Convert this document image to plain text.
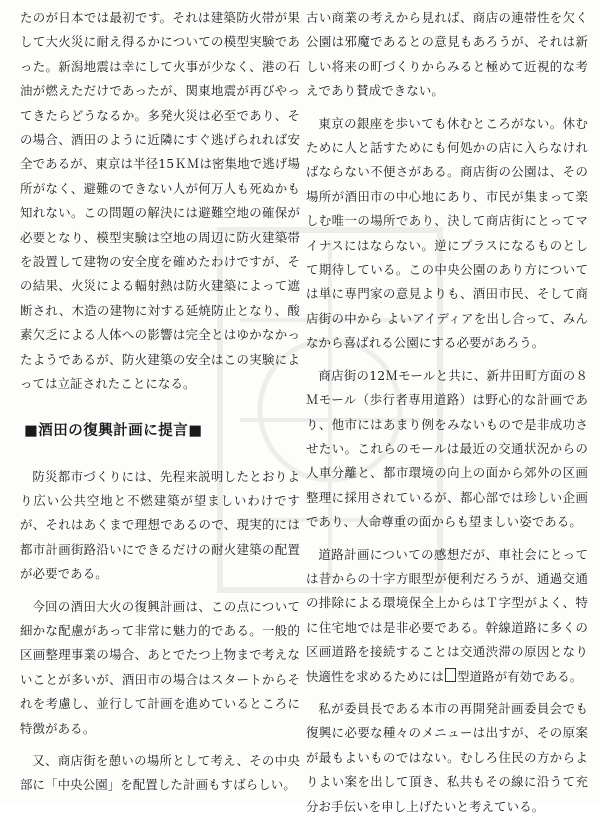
たのが日本では最初です。それは建築防火帯が果して大火災に耐え得るかについての模型実験であった。新潟地震は幸にして火事が少なく、港の石油が燃えただけであったが、関東地震が再びやってきたらどうなるか。多発火災は必至であり、その場合、酒田のように近隣にすぐ逃げられれば安全であるが、東京は半径15ＫＭは密集地で逃げ場所がなく、避難のできない人が何万人も死ぬかも知れない。この問題の解決には避難空地の確保が必要となり、模型実験は空地の周辺に防火建築帯を設置して建物の安全度を確めたわけですが、その結果、火災による輻射熱は防火建築によって遮断され、木造の建物に対する延焼防止となり、酸素欠乏による人体への影響は完全とはゆかなかったようであるが、防火建築の安全はこの実験によっては立証されたことになる。

■酒田の復興計画に提言■

防災都市づくりには、先程来説明したとおりより広い公共空地と不燃建築が望ましいわけですが、それはあくまで理想であるので、現実的には都市計画街路沿いにできるだけの耐火建築の配置が必要である。

今回の酒田大火の復興計画は、この点について細かな配慮があって非常に魅力的である。一般的区画整理事業の場合、あとでたつ上物まで考えないことが多いが、酒田市の場合はスタートからそれを考慮し、並行して計画を進めているところに特徴がある。

又、商店街を憩いの場所として考え、その中央部に「中央公園」を配置した計画もすばらしい。

古い商業の考えから見れば、商店の連帯性を欠く公園は邪魔であるとの意見もあろうが、それは新しい将来の町づくりからみると極めて近視的な考えであり賛成できない。

東京の銀座を歩いても休むところがない。休むために人と話すためにも何処かの店に入らなければならない不便さがある。商店街の公園は、その場所が酒田市の中心地にあり、市民が集まって楽しむ唯一の場所であり、決して商店街にとってマイナスにはならない。逆にプラスになるものとして期待している。この中央公園のあり方については単に専門家の意見よりも、酒田市民、そして商店街の中から よいアイディアを出し合って、みんなから喜ばれる公園にする必要があろう。

商店街の12Ｍモールと共に、新井田町方面の８Ｍモール（歩行者専用道路）は野心的な計画であり、他市にはあまり例をみないもので是非成功させたい。これらのモールは最近の交通状況からの人車分離と、都市環境の向上の面から郊外の区画整理に採用されているが、都心部では珍しい企画であり、人命尊重の面からも望ましい姿である。

道路計画についての感想だが、車社会にとっては昔からの十字方眼型が便利だろうが、通過交通の排除による環境保全上からはＴ字型がよく、特に住宅地では是非必要である。幹線道路に多くの区画道路を接続することは交通渋滞の原因となり快適性を求めるためには 型道路が有効である。

私が委員長である本市の再開発計画委員会でも復興に必要な種々のメニューは出すが、その原案が最もよいものではない。むしろ住民の方からよりよい案を出して頂き、私共もその線に沿うて充分お手伝いを申し上げたいと考えている。
